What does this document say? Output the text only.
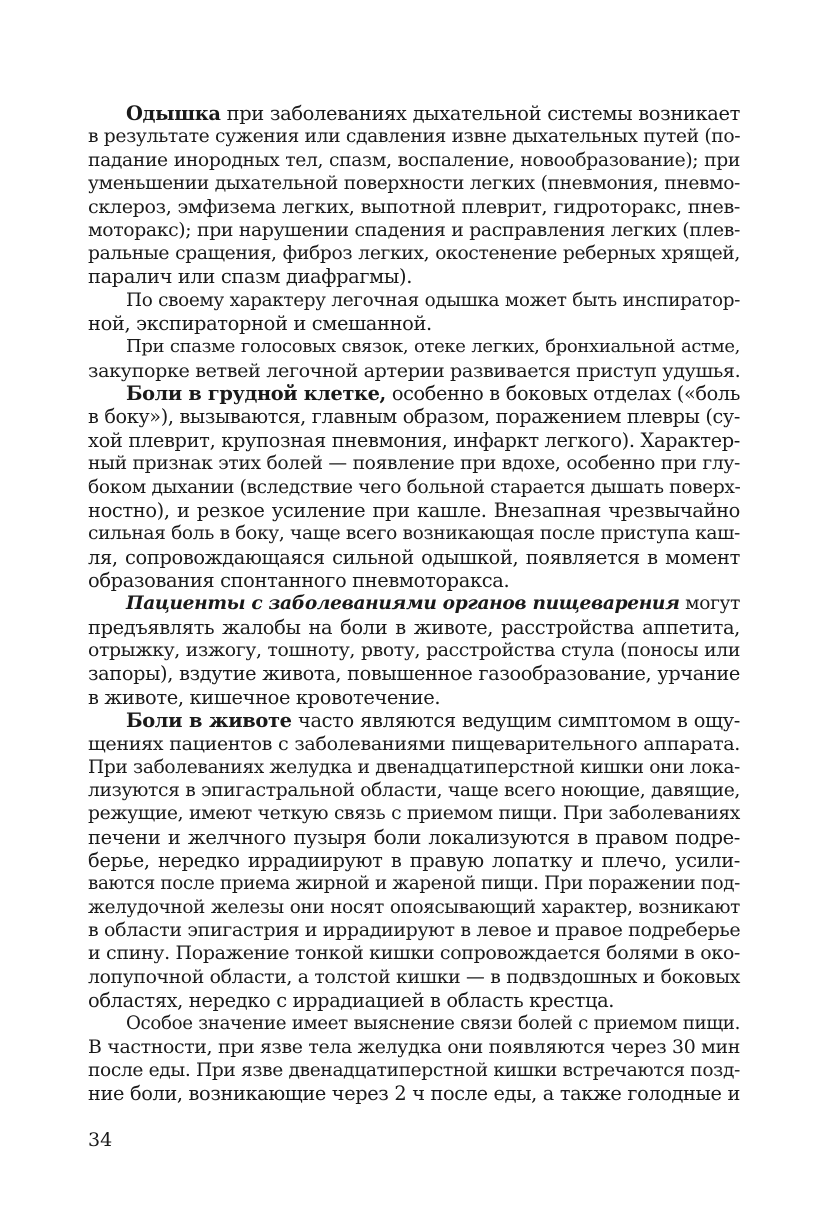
Одышка при заболеваниях дыхательной системы возникает
в результате сужения или сдавления извне дыхательных путей (по-
падание инородных тел, спазм, воспаление, новообразование); при
уменьшении дыхательной поверхности легких (пневмония, пневмо-
склероз, эмфизема легких, выпотной плеврит, гидроторакс, пнев-
моторакс); при нарушении спадения и расправления легких (плев-
ральные сращения, фиброз легких, окостенение реберных хрящей,
паралич или спазм диафрагмы).
По своему характеру легочная одышка может быть инспиратор-
ной, экспираторной и смешанной.
При спазме голосовых связок, отеке легких, бронхиальной астме,
закупорке ветвей легочной артерии развивается приступ удушья.
Боли в грудной клетке, особенно в боковых отделах («боль
в боку»), вызываются, главным образом, поражением плевры (су-
хой плеврит, крупозная пневмония, инфаркт легкого). Характер-
ный признак этих болей — появление при вдохе, особенно при глу-
боком дыхании (вследствие чего больной старается дышать поверх-
ностно), и резкое усиление при кашле. Внезапная чрезвычайно
сильная боль в боку, чаще всего возникающая после приступа каш-
ля, сопровождающаяся сильной одышкой, появляется в момент
образования спонтанного пневмоторакса.
Пациенты с заболеваниями органов пищеварения могут
предъявлять жалобы на боли в животе, расстройства аппетита,
отрыжку, изжогу, тошноту, рвоту, расстройства стула (поносы или
запоры), вздутие живота, повышенное газообразование, урчание
в животе, кишечное кровотечение.
Боли в животе часто являются ведущим симптомом в ощу-
щениях пациентов с заболеваниями пищеварительного аппарата.
При заболеваниях желудка и двенадцатиперстной кишки они лока-
лизуются в эпигастральной области, чаще всего ноющие, давящие,
режущие, имеют четкую связь с приемом пищи. При заболеваниях
печени и желчного пузыря боли локализуются в правом подре-
берье, нередко иррадиируют в правую лопатку и плечо, усили-
ваются после приема жирной и жареной пищи. При поражении под-
желудочной железы они носят опоясывающий характер, возникают
в области эпигастрия и иррадиируют в левое и правое подреберье
и спину. Поражение тонкой кишки сопровождается болями в око-
лопупочной области, а толстой кишки — в подвздошных и боковых
областях, нередко с иррадиацией в область крестца.
Особое значение имеет выяснение связи болей с приемом пищи.
В частности, при язве тела желудка они появляются через 30 мин
после еды. При язве двенадцатиперстной кишки встречаются позд-
ние боли, возникающие через 2 ч после еды, а также голодные и
34
